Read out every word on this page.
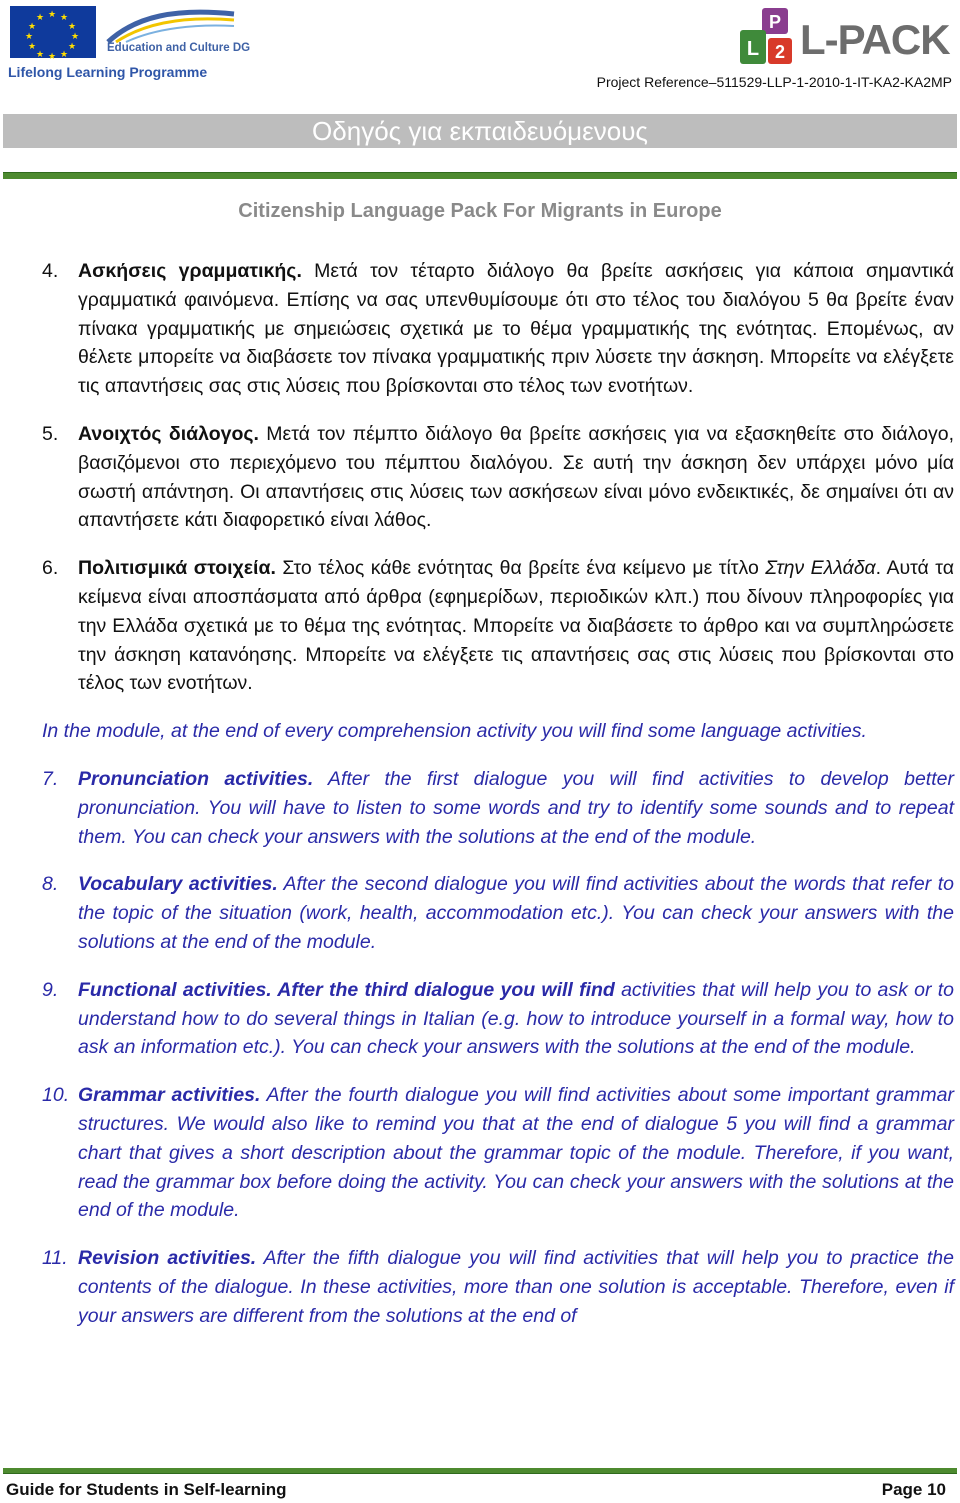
★ ★
★
★
★
★
★
★
★
★
★
★
Education and Culture DG
Lifelong Learning Programme
P
L 2 L-PACK
Project Reference–511529-LLP-1-2010-1-IT-KA2-KA2MP
Οδηγός για εκπαιδευόμενους
Citizenship Language Pack For Migrants in Europe
4. Ασκήσεις γραμματικής. Μετά τον τέταρτο διάλογο θα βρείτε ασκήσεις για κάποια σημαντικά γραμματικά φαινόμενα. Επίσης να σας υπενθυμίσουμε ότι στο τέλος του διαλόγου 5 θα βρείτε έναν πίνακα γραμματικής με σημειώσεις σχετικά με το θέμα γραμματικής της ενότητας. Επομένως, αν θέλετε μπορείτε να διαβάσετε τον πίνακα γραμματικής πριν λύσετε την άσκηση. Μπορείτε να ελέγξετε τις απαντήσεις σας στις λύσεις που βρίσκονται στο τέλος των ενοτήτων.
5. Ανοιχτός διάλογος. Μετά τον πέμπτο διάλογο θα βρείτε ασκήσεις για να εξασκηθείτε στο διάλογο, βασιζόμενοι στο περιεχόμενο του πέμπτου διαλόγου. Σε αυτή την άσκηση δεν υπάρχει μόνο μία σωστή απάντηση. Οι απαντήσεις στις λύσεις των ασκήσεων είναι μόνο ενδεικτικές, δε σημαίνει ότι αν απαντήσετε κάτι διαφορετικό είναι λάθος.
6. Πολιτισμικά στοιχεία. Στο τέλος κάθε ενότητας θα βρείτε ένα κείμενο με τίτλο Στην Ελλάδα. Αυτά τα κείμενα είναι αποσπάσματα από άρθρα (εφημερίδων, περιοδικών κλπ.) που δίνουν πληροφορίες για την Ελλάδα σχετικά με το θέμα της ενότητας. Μπορείτε να διαβάσετε το άρθρο και να συμπληρώσετε την άσκηση κατανόησης. Μπορείτε να ελέγξετε τις απαντήσεις σας στις λύσεις που βρίσκονται στο τέλος των ενοτήτων.
In the module, at the end of every comprehension activity you will find some language activities.
7. Pronunciation activities. After the first dialogue you will find activities to develop better pronunciation. You will have to listen to some words and try to identify some sounds and to repeat them. You can check your answers with the solutions at the end of the module.
8. Vocabulary activities. After the second dialogue you will find activities about the words that refer to the topic of the situation (work, health, accommodation etc.). You can check your answers with the solutions at the end of the module.
9. Functional activities. After the third dialogue you will find activities that will help you to ask or to understand how to do several things in Italian (e.g. how to introduce yourself in a formal way, how to ask an information etc.). You can check your answers with the solutions at the end of the module.
10. Grammar activities. After the fourth dialogue you will find activities about some important grammar structures. We would also like to remind you that at the end of dialogue 5 you will find a grammar chart that gives a short description about the grammar topic of the module. Therefore, if you want, read the grammar box before doing the activity. You can check your answers with the solutions at the end of the module.
11. Revision activities. After the fifth dialogue you will find activities that will help you to practice the contents of the dialogue. In these activities, more than one solution is acceptable. Therefore, even if your answers are different from the solutions at the end of
Guide for Students in Self-learning	Page 10
